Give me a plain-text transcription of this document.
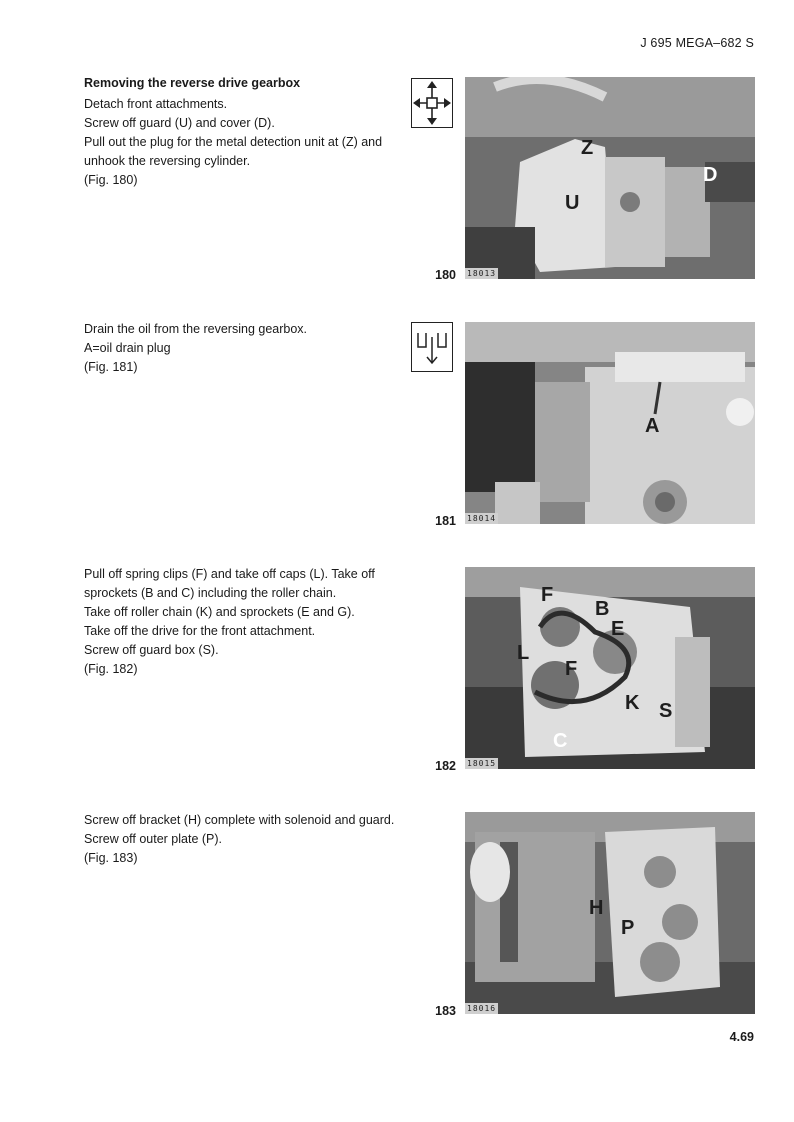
J 695 MEGA–682 S

Removing the reverse drive gearbox

Detach front attachments.

Screw off guard (U) and cover (D).

Pull out the plug for the metal detection unit at (Z) and unhook the reversing cylinder.

(Fig. 180)

Z
D
U
18013
180

Drain the oil from the reversing gearbox.

A=oil drain plug

(Fig. 181)

A
18014
181

Pull off spring clips (F) and take off caps (L). Take off sprockets (B and C) including the roller chain.

Take off roller chain (K) and sprockets (E and G).

Take off the drive for the front attachment.

Screw off guard box (S).

(Fig. 182)

F
B
E
L
F
K S
C
18015
182

Screw off bracket (H) complete with solenoid and guard.

Screw off outer plate (P).

(Fig. 183)

H
P
18016
183
4.69
